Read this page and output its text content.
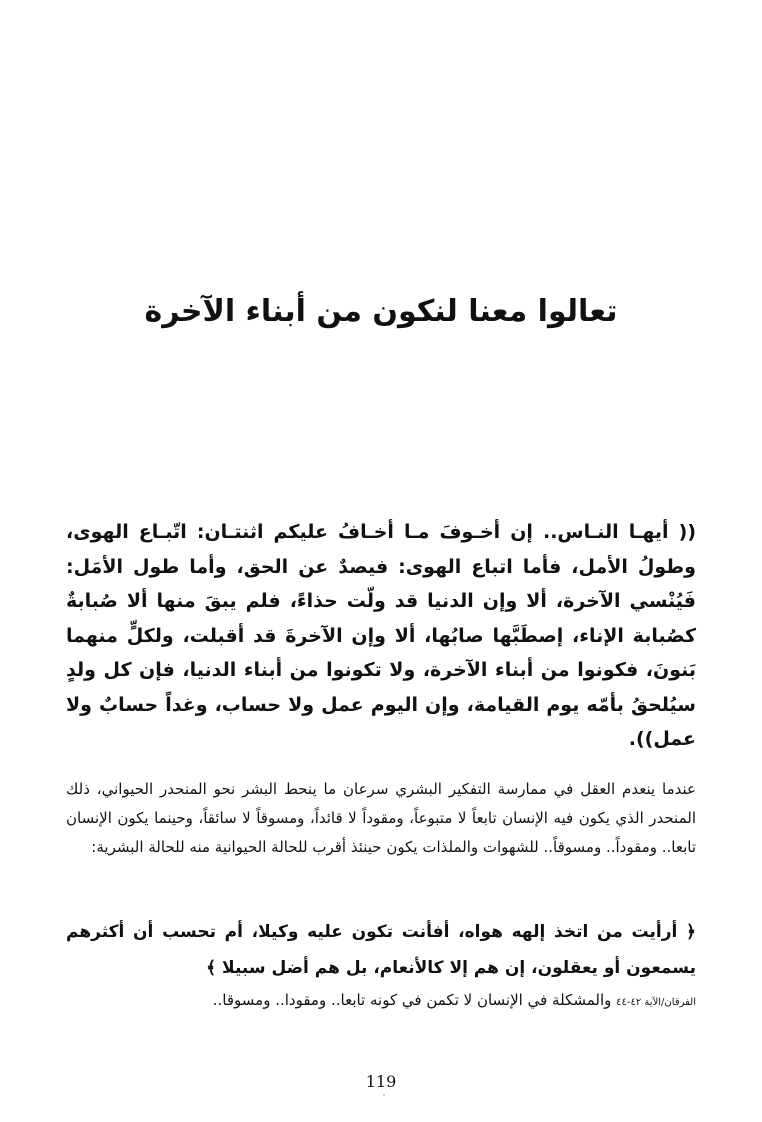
تعالوا معنا لنكون من أبناء الآخرة

(( أيهـا النـاس.. إن أخـوفَ مـا أخـافُ عليكم اثنتـان: اتّبـاع الهوى، وطولُ الأمل، فأما اتباع الهوى: فيصدٌ عن الحق، وأما طول الأمَل: فَيُنْسي الآخرة، ألا وإن الدنيا قد ولّت حذاءً، فلم يبقَ منها ألا صُبابةٌ كصُبابة الإناء، إصطَبَّها صابُها، ألا وإن الآخرةَ قد أقبلت، ولكلٍّ منهما بَنونَ، فكونوا من أبناء الآخرة، ولا تكونوا من أبناء الدنيا، فإن كل ولدٍ سيُلحقُ بأمّه يوم القيامة، وإن اليوم عمل ولا حساب، وغداً حسابٌ ولا عمل)).

عندما ينعدم العقل في ممارسة التفكير البشري سرعان ما ينحط البشر نحو المنحدر الحيواني، ذلك المنحدر الذي يكون فيه الإنسان تابعاً لا متبوعاً، ومقوداً لا قائداً، ومسوقاً لا سائقاً، وحينما يكون الإنسان تابعا.. ومقوداً.. ومسوقاً.. للشهوات والملذات يكون حينئذ أقرب للحالة الحيوانية منه للحالة البشرية:

﴿ أرأيت من اتخذ إلهه هواه، أفأنت تكون عليه وكيلا، أم تحسب أن أكثرهم يسمعون أو يعقلون، إن هم إلا كالأنعام، بل هم أضل سبيلا ﴾

الفرقان/الآية ٤٢-٤٤ والمشكلة في الإنسان لا تكمن في كونه تابعا.. ومقودا.. ومسوقا..

119
